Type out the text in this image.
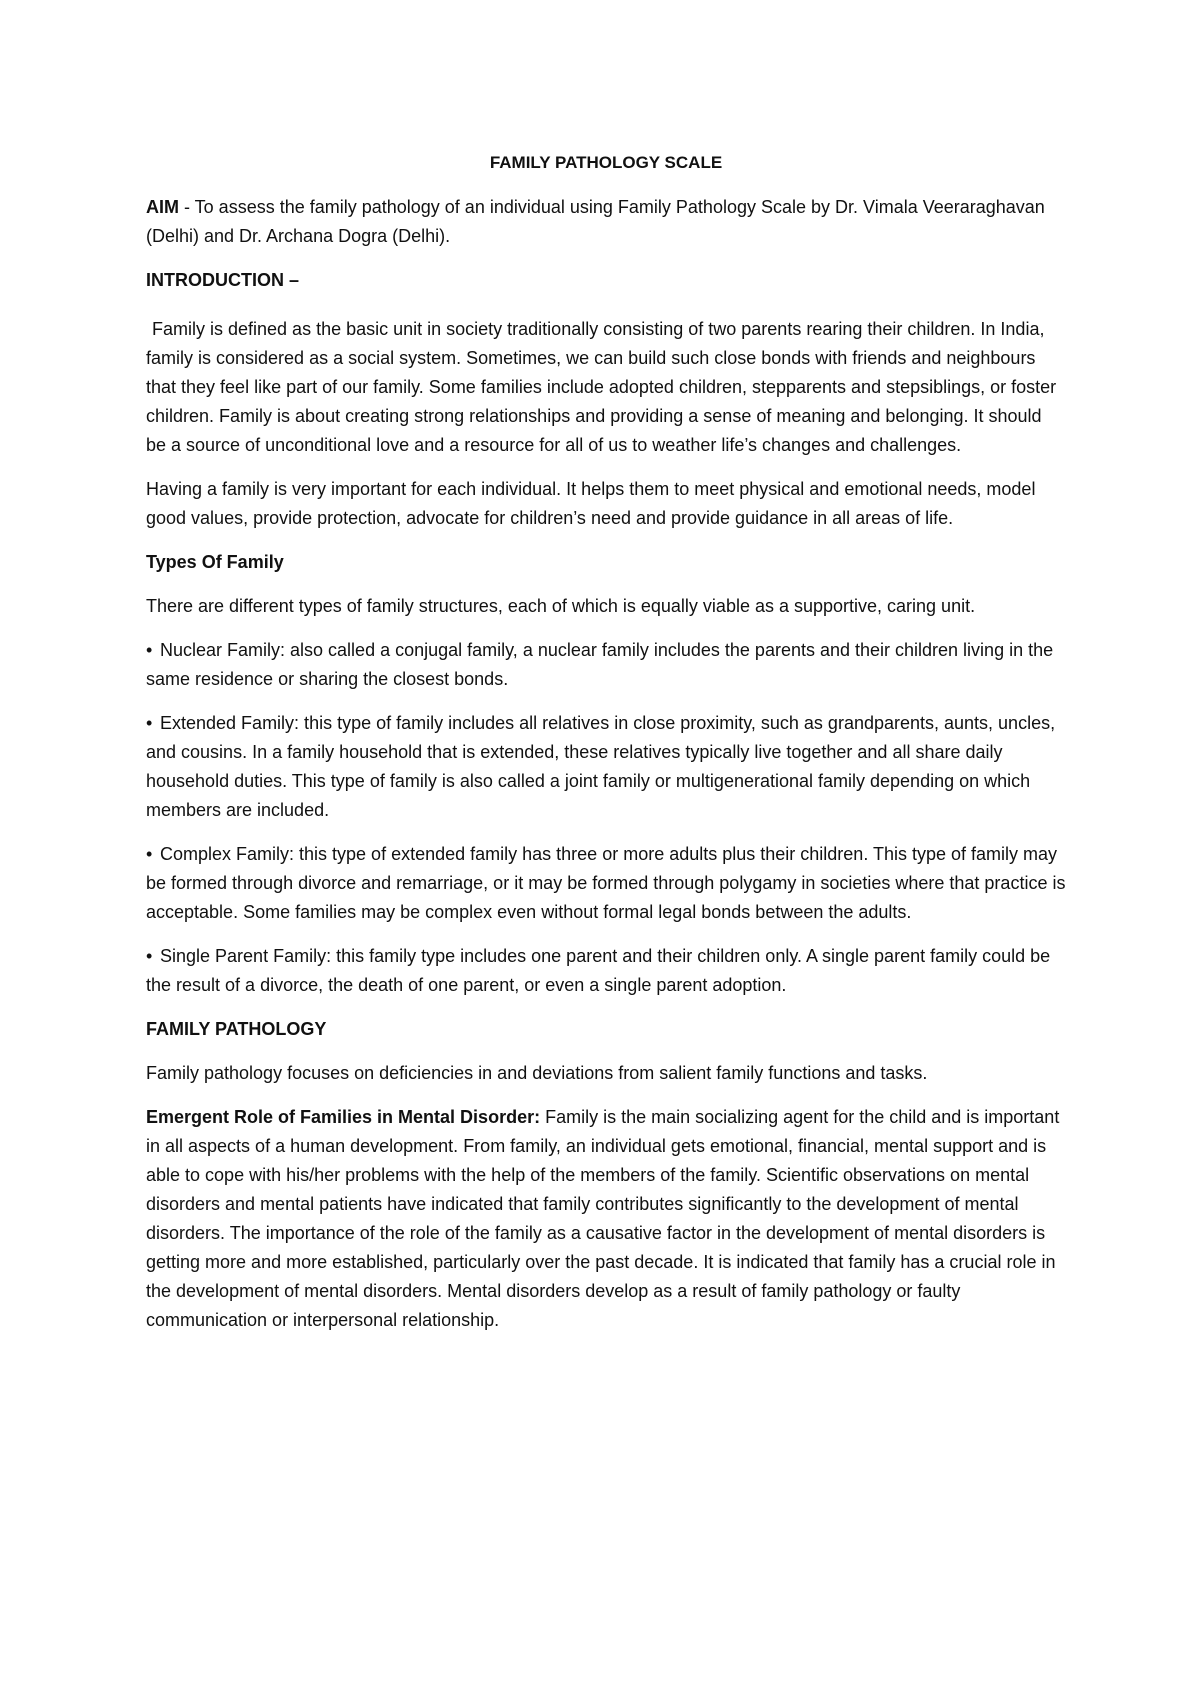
FAMILY PATHOLOGY SCALE

AIM - To assess the family pathology of an individual using Family Pathology Scale by Dr. Vimala Veeraraghavan (Delhi) and Dr. Archana Dogra (Delhi).

INTRODUCTION –

Family is defined as the basic unit in society traditionally consisting of two parents rearing their children. In India, family is considered as a social system. Sometimes, we can build such close bonds with friends and neighbours that they feel like part of our family. Some families include adopted children, stepparents and stepsiblings, or foster children. Family is about creating strong relationships and providing a sense of meaning and belonging. It should be a source of unconditional love and a resource for all of us to weather life’s changes and challenges.

Having a family is very important for each individual. It helps them to meet physical and emotional needs, model good values, provide protection, advocate for children’s need and provide guidance in all areas of life.

Types Of Family

There are different types of family structures, each of which is equally viable as a supportive, caring unit.

• Nuclear Family: also called a conjugal family, a nuclear family includes the parents and their children living in the same residence or sharing the closest bonds.

• Extended Family: this type of family includes all relatives in close proximity, such as grandparents, aunts, uncles, and cousins. In a family household that is extended, these relatives typically live together and all share daily household duties. This type of family is also called a joint family or multigenerational family depending on which members are included.

• Complex Family: this type of extended family has three or more adults plus their children. This type of family may be formed through divorce and remarriage, or it may be formed through polygamy in societies where that practice is acceptable. Some families may be complex even without formal legal bonds between the adults.

• Single Parent Family: this family type includes one parent and their children only. A single parent family could be the result of a divorce, the death of one parent, or even a single parent adoption.

FAMILY PATHOLOGY

Family pathology focuses on deficiencies in and deviations from salient family functions and tasks.

Emergent Role of Families in Mental Disorder: Family is the main socializing agent for the child and is important in all aspects of a human development. From family, an individual gets emotional, financial, mental support and is able to cope with his/her problems with the help of the members of the family. Scientific observations on mental disorders and mental patients have indicated that family contributes significantly to the development of mental disorders. The importance of the role of the family as a causative factor in the development of mental disorders is getting more and more established, particularly over the past decade. It is indicated that family has a crucial role in the development of mental disorders. Mental disorders develop as a result of family pathology or faulty communication or interpersonal relationship.
